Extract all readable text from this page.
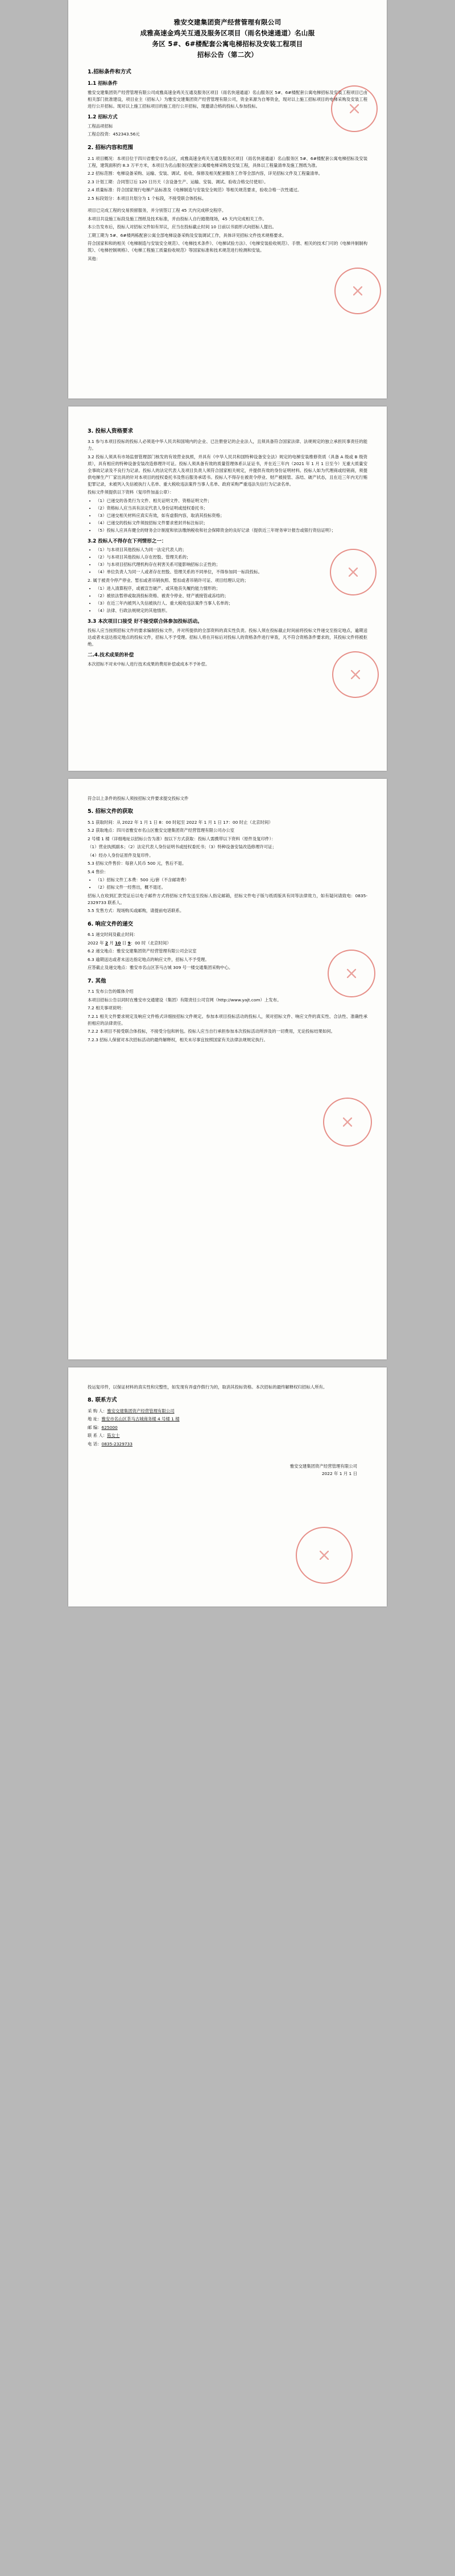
雅安交建集团资产经营管理有限公司
成雅高速金鸡关互通及服务区项目（雨名快速通道）名山服
务区 5#、6#楼配套公寓电梯招标及安装工程项目
招标公告（第二次）
1.招标条件和方式
1.1 招标条件

雅安交建集团资产经营管理有限公司成雅高速金鸡关互通及服务区项目（雨名快速通道）名山服务区 5#、6#楼配套公寓电梯招标及安装工程项目已由相关部门批准建设，项目业主（招标人）为雅安交建集团资产经营管理有限公司，资金来源为自筹资金，现对以上施工招标项目的电梯采购及安装工程进行公开招标。现对以上施工招标项目的施工进行公开招标，现邀请合格的投标人参加投标。

1.2 招标方式

工程品项招标

工程总投资：452343.56元

2. 招标内容和范围

2.1 项目概况：本项目位于四川省雅安市名山区，成雅高速金鸡关互通及服务区项目（雨名快速通道）名山服务区 5#、6#楼配套公寓电梯招标及安装工程，建筑面积约 8.3 万平方米，本项目为名山服务区配套公寓楼电梯采购及安装工程，具体以工程量清单及施工图纸为准。

2.2 招标范围：电梯设备采购、运输、安装、调试、验收、保修及相关配套服务工作等全部内容，详见招标文件及工程量清单。

2.3 计划工期：合同签订后 120 日历天（含设备生产、运输、安装、调试、验收合格交付使用）。

2.4 质量标准：符合国家现行电梯产品标准及《电梯制造与安装安全规范》等相关规范要求，验收合格一次性通过。

2.5 标段划分：本项目共划分为 1 个标段，不接受联合体投标。

项目已完成工程的交易预留服务，并分别签订工程 45 天内完成移交程序。

本项目共设施工标段及施工图纸及技术标准，并由投标人自行踏勘现场，45 天内完成相关工作。

本公告发布后，投标人对招标文件如有异议，应当在投标截止时间 10 日前以书面形式向招标人提出。

工期工期为 5#、6#楼两栋配套公寓全部电梯设备采购及安装调试工作，具体详见招标文件技术规格要求。

符合国家和和的相关《电梯制造与安装安全规范》、《电梯技术条件》、《电梯试验方法》、《电梯安装验收规范》、手册、相关的技术门可的《电梯井制制构筑》、《电梯控制规格》、《电梯工程施工质量验收规范》等国家标准和技术规范进行检测和安装。

其他：

3. 投标人资格要求

3.1 参与本项目投标的投标人必须是中华人民共和国境内的企业、已注册登记的企业法人，且须具备符合国家法律、法规规定的独立承担民事责任的能力。

3.2 投标人须具有市场监督管理部门核发的有效营业执照，并具有《中华人民共和国特种设备安全法》规定的电梯安装维修资质（具备 A 级或 B 级资质），具有相应的特种设备安装改造修理许可证。投标人须具备有效的质量管理体系认证证书，并在近三年内（2021 年 1 月 1 日至今）无重大质量安全事故记录及不良行为记录。投标人的法定代表人及项目负责人须符合国家相关规定，并提供有效的身份证明材料。投标人如为代理商或经销商，须提供电梯生产厂家出具的针对本项目的授权委托书及售后服务承诺书。投标人不得存在被责令停业、财产被接管、冻结、破产状态，且在近三年内无行贿犯罪记录，未被列入失信被执行人名单、重大税收违法案件当事人名单、政府采购严重违法失信行为记录名单。

投标文件须提供以下资料（复印件加盖公章）：

• （1）已递交的各类行为文件、相关证明文件、资格证明文件；
• （2）资格标人应当具有法定代表人身份证明或授权委托书；
• （3）已递交相关材料应真实有效，如有虚假内容，取消其投标资格；
• （4）已递交的投标文件须按招标文件要求密封并标注标识；
• （5）投标人应具有健全的财务会计制度和依法缴纳税收和社会保障资金的良好记录（提供近三年财务审计报告或银行资信证明）；
3.2 投标人不得存在下列情形之一：
• （1）与本项目其他投标人为同一法定代表人的；
• （2）与本项目其他投标人存在控股、管理关系的；
• （3）与本项目招标代理机构存在利害关系可能影响招标公正性的；
• （4）单位负责人为同一人或者存在控股、管理关系的不同单位，不得参加同一标段投标。

2. 属于被责令停产停业、暂扣或者吊销执照、暂扣或者吊销许可证、项目经理认定的；

• （1）进入清算程序，或被宣告破产、或其他丧失履约能力情形的；
• （2）被依法暂停或取消投标资格、被责令停业、财产被接管或冻结的；
• （3）在近三年内被列入失信被执行人、重大税收违法案件当事人名单的；
• （4）法律、行政法规规定的其他情形。
3.3 本次项目口接受 好不接受联合体参加投标活动。

投标人应当按照招标文件的要求编制投标文件，并对所提供的全部资料的真实性负责。投标人须在投标截止时间前将投标文件递交至指定地点，逾期送达或者未送达指定地点的投标文件，招标人不予受理。招标人将在开标后对投标人的资格条件进行审查，凡不符合资格条件要求的，其投标文件将被拒绝。

二.4.技术成果的补偿

本次招标不对未中标人进行技术成果的费用补偿或成本不予补偿。

符合以上条件的投标人须按招标文件要求提交投标文件

5. 招标文件的获取

5.1 获取时间：从 2022 年 1 月 1 日 8：00 时起至 2022 年 1 月 1 日 17：00 时止（北京时间）

5.2 获取地点：四川省雅安市名山区雅安交建集团资产经营管理有限公司办公室

2 号楼 1 楼（详细地址以招标公告为准）按以下方式获取：投标人需携带以下资料（原件及复印件）：

（1）营业执照副本；（2）法定代表人身份证明书或授权委托书；（3）特种设备安装改造修理许可证；

（4）经办人身份证原件及复印件。

5.3 招标文件售价：每套人民币 500 元，售后不退。

5.4 售价：

• （1）招标文件工本费：500 元/套（不含邮寄费）
• （2）招标文件一经售出，概不退还。

招标人在收到汇款凭证后以电子邮件方式将招标文件发送至投标人指定邮箱，招标文件电子版与纸质版具有同等法律效力，如有疑问请致电：0835-2329733 联系人。

5.5 发售方式：现场购买或邮购，请提前电话联系。

6. 响应文件的递交

6.1 递交时间及截止时间：

2022 年 2 月 10 日 9：00 时（北京时间）

6.2 递交地点：雅安交建集团资产经营管理有限公司会议室

6.3 逾期送达或者未送达指定地点的响应文件，招标人不予受理。

应答截止及递交地点：雅安市名山区茶马古城 309 号一楼交通集团采购中心。

7. 其他

7.1 发布公告的媒体介绍

本项目招标公告以同时在雅安市交通建设（集团）有限责任公司官网（http://www.yajt.com）上发布。

7.2 相关事项说明：

7.2.1 相关文件要求规定及响应文件格式详细按招标文件规定。参加本项目投标活动的投标人，须对招标文件、响应文件的真实性、合法性、准确性承担相应的法律责任。

7.2.2 本项目不接受联合体投标，不接受分包和转包。投标人应当自行承担参加本次投标活动所涉及的一切费用，无论投标结果如何。

7.2.3 招标人保留对本次招标活动的最终解释权，相关未尽事宜按照国家有关法律法规规定执行。

投运复印件，以保证材料的真实性和完整性，如发现有弄虚作假行为的，取消其投标资格。本次招标的最终解释权归招标人所有。

8. 联系方式

采 购 人：雅安交建集团资产经营管理有限公司

地 址：雅安市名山区茶马古城商务楼 4 号楼 1 楼

邮 编：625000

联 系 人：陈女士

电 话：0835-2329733

雅安交建集团资产经营管理有限公司

2022 年 1 月 1 日
